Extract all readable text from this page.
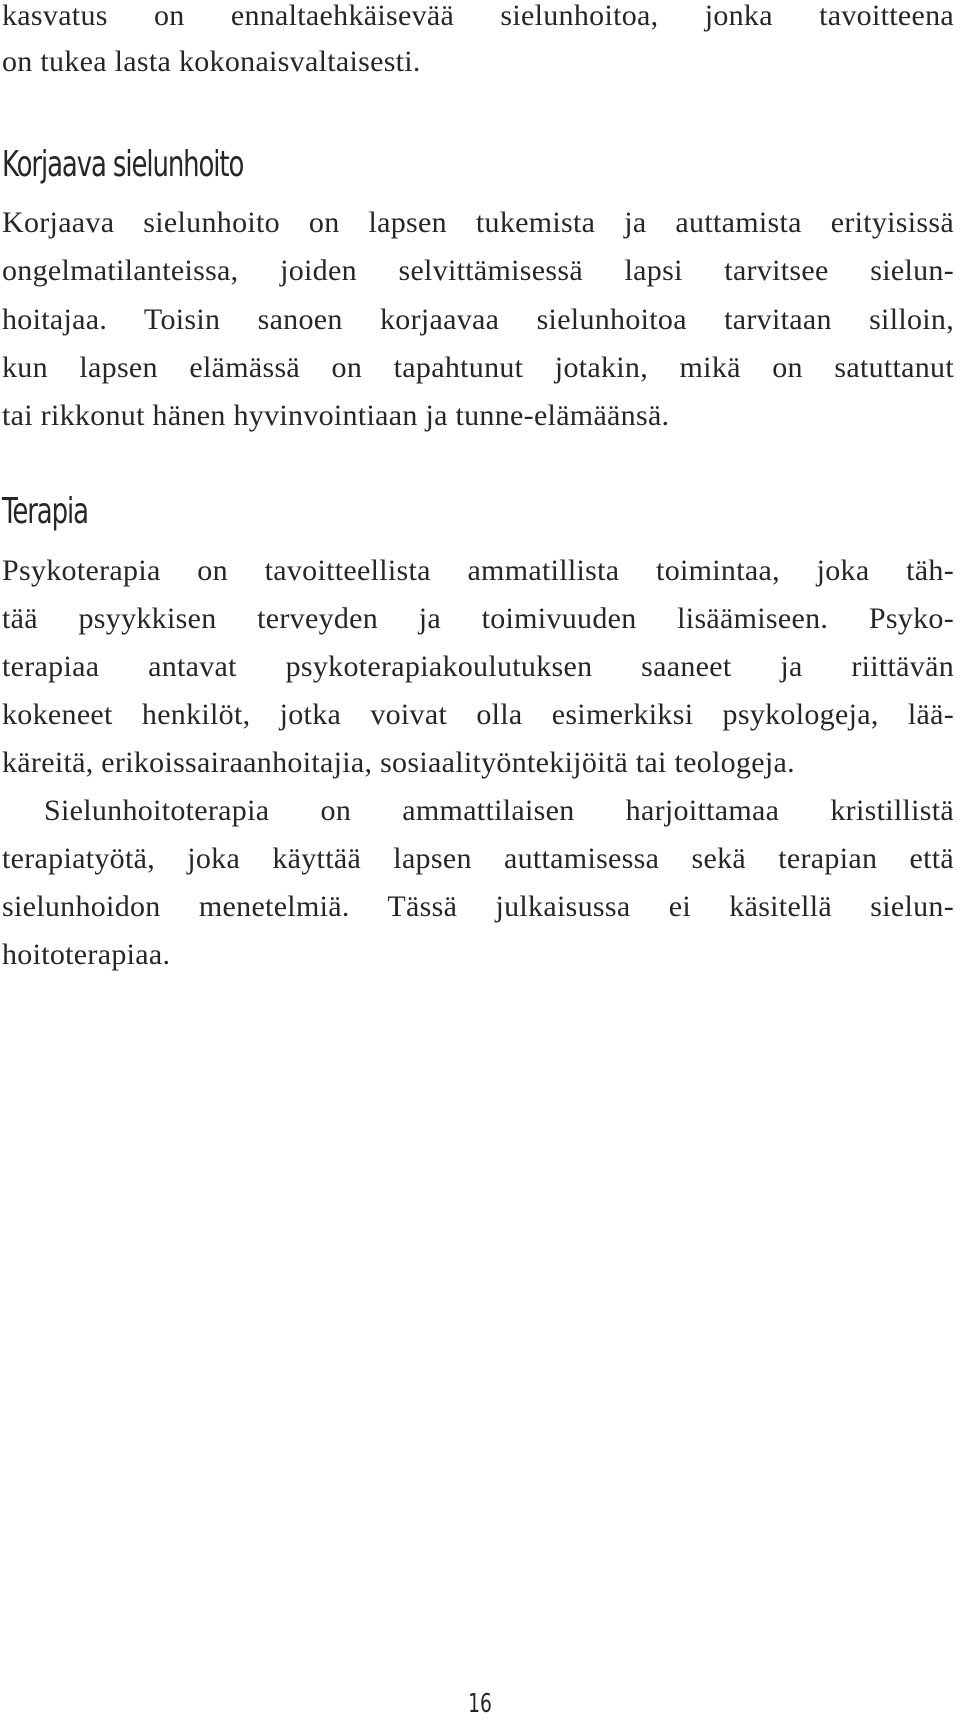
kasvatus on ennaltaehkäisevää sielunhoitoa, jonka tavoitteena
on tukea lasta kokonaisvaltaisesti.
Korjaava sielunhoito
Korjaava sielunhoito on lapsen tukemista ja auttamista erityisissä
ongelmatilanteissa, joiden selvittämisessä lapsi tarvitsee sielun-
hoitajaa. Toisin sanoen korjaavaa sielunhoitoa tarvitaan silloin,
kun lapsen elämässä on tapahtunut jotakin, mikä on satuttanut
tai rikkonut hänen hyvinvointiaan ja tunne-elämäänsä.
Terapia
Psykoterapia on tavoitteellista ammatillista toimintaa, joka täh-
tää psyykkisen terveyden ja toimivuuden lisäämiseen. Psyko-
terapiaa antavat psykoterapiakoulutuksen saaneet ja riittävän
kokeneet henkilöt, jotka voivat olla esimerkiksi psykologeja, lää-
käreitä, erikoissairaanhoitajia, sosiaalityöntekijöitä tai teologeja.
Sielunhoitoterapia on ammattilaisen harjoittamaa kristillistä
terapiatyötä, joka käyttää lapsen auttamisessa sekä terapian että
sielunhoidon menetelmiä. Tässä julkaisussa ei käsitellä sielun-
hoitoterapiaa.
16
